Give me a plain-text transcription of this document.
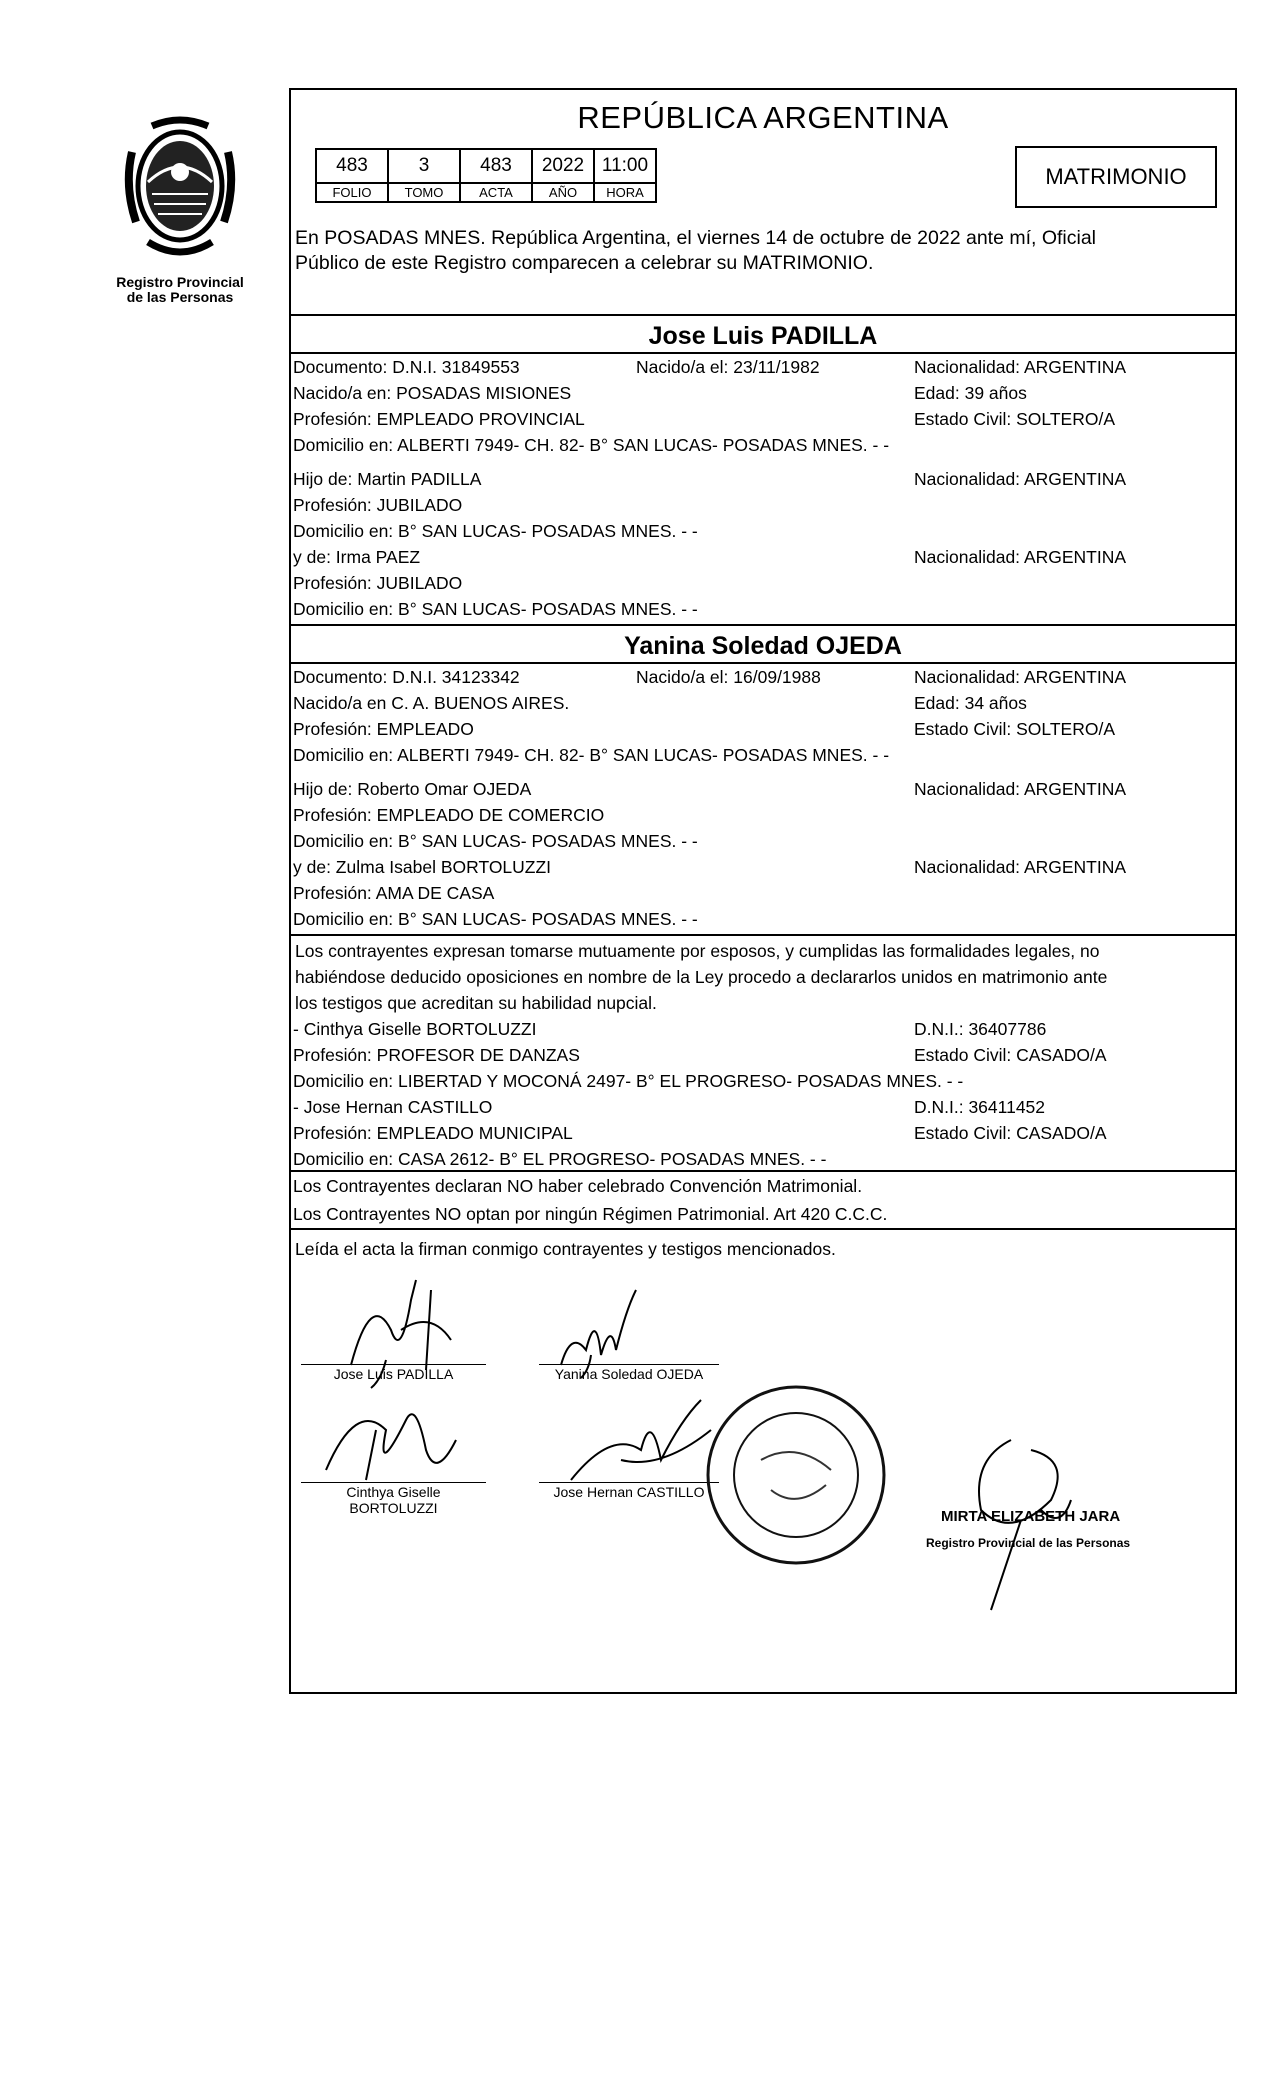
Registro Provincial
de las Personas
REPÚBLICA ARGENTINA
483	3	483	2022	11:00
FOLIO	TOMO	ACTA	AÑO	HORA
MATRIMONIO
En POSADAS MNES. República Argentina, el viernes 14 de octubre de 2022 ante mí, Oficial
Público de este Registro comparecen a celebrar su MATRIMONIO.
Jose Luis PADILLA
Documento: D.N.I. 31849553	Nacido/a el: 23/11/1982	Nacionalidad: ARGENTINA
Nacido/a en: POSADAS MISIONES	Edad: 39 años
Profesión: EMPLEADO PROVINCIAL	Estado Civil: SOLTERO/A
Domicilio en: ALBERTI 7949- CH. 82- B° SAN LUCAS- POSADAS MNES. - -
Hijo de: Martin PADILLA	Nacionalidad: ARGENTINA
Profesión: JUBILADO
Domicilio en: B° SAN LUCAS- POSADAS MNES. - -
y de: Irma PAEZ	Nacionalidad: ARGENTINA
Profesión: JUBILADO
Domicilio en: B° SAN LUCAS- POSADAS MNES. - -
Yanina Soledad OJEDA
Documento: D.N.I. 34123342	Nacido/a el: 16/09/1988	Nacionalidad: ARGENTINA
Nacido/a en C. A. BUENOS AIRES.	Edad: 34 años
Profesión: EMPLEADO	Estado Civil: SOLTERO/A
Domicilio en: ALBERTI 7949- CH. 82- B° SAN LUCAS- POSADAS MNES. - -
Hijo de: Roberto Omar OJEDA	Nacionalidad: ARGENTINA
Profesión: EMPLEADO DE COMERCIO
Domicilio en: B° SAN LUCAS- POSADAS MNES. - -
y de: Zulma Isabel BORTOLUZZI	Nacionalidad: ARGENTINA
Profesión: AMA DE CASA
Domicilio en: B° SAN LUCAS- POSADAS MNES. - -
Los contrayentes expresan tomarse mutuamente por esposos, y cumplidas las formalidades legales, no
habiéndose deducido oposiciones en nombre de la Ley procedo a declararlos unidos en matrimonio ante
los testigos que acreditan su habilidad nupcial.
- Cinthya Giselle BORTOLUZZI	D.N.I.: 36407786
Profesión: PROFESOR DE DANZAS	Estado Civil: CASADO/A
Domicilio en: LIBERTAD Y MOCONÁ 2497- B° EL PROGRESO- POSADAS MNES. - -
- Jose Hernan CASTILLO	D.N.I.: 36411452
Profesión: EMPLEADO MUNICIPAL	Estado Civil: CASADO/A
Domicilio en: CASA 2612- B° EL PROGRESO- POSADAS MNES. - -
Los Contrayentes declaran NO haber celebrado Convención Matrimonial.
Los Contrayentes NO optan por ningún Régimen Patrimonial. Art 420 C.C.C.
Leída el acta la firman conmigo contrayentes y testigos mencionados.
Jose Luis PADILLA	Yanina Soledad OJEDA
Cinthya Giselle
BORTOLUZZI
Jose Hernan CASTILLO
MIRTA ELIZABETH JARA
Registro Provincial de las Personas
